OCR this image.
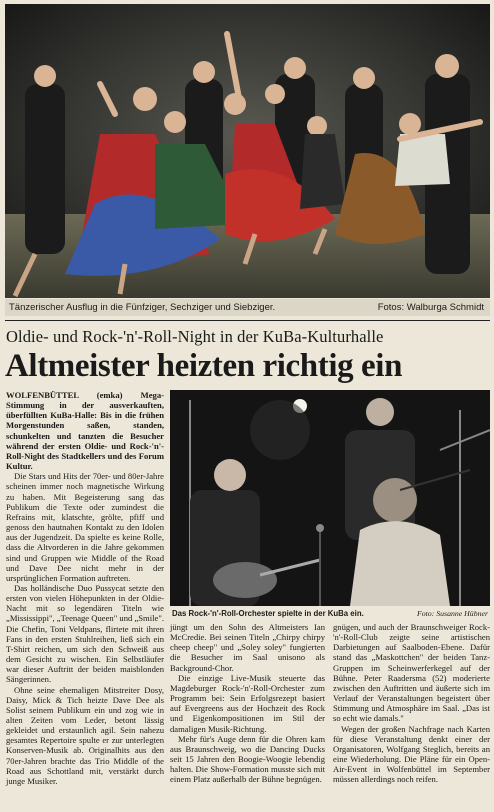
Tänzerischer Ausflug in die Fünfziger, Sechziger und Siebziger.	Fotos: Walburga Schmidt
Oldie- und Rock-'n'-Roll-Night in der KuBa-Kulturhalle
Altmeister heizten richtig ein

WOLFENBÜTTEL (emka) Mega-Stimmung in der ausverkauften, überfüllten KuBa-Halle: Bis in die frühen Morgenstunden saßen, standen, schunkelten und tanzten die Besucher während der ersten Oldie- und Rock-'n'-Roll-Night des Stadtkellers und des Forum Kultur.

Die Stars und Hits der 70er- und 80er-Jahre scheinen immer noch magnetische Wirkung zu haben. Mit Begeisterung sang das Publikum die Texte oder zumindest die Refrains mit, klatschte, grölte, pfiff und genoss den hautnahen Kontakt zu den Idolen aus der Jugendzeit. Da spielte es keine Rolle, dass die Altvorderen in die Jahre gekommen sind und Gruppen wie Middle of the Road und Dave Dee nicht mehr in der ursprünglichen Formation auftreten.

Das holländische Duo Pussycat setzte den ersten von vielen Höhepunkten in der Oldie-Nacht mit so legendären Titeln wie „Mississippi", „Teenage Queen" und „Smile". Die Chefin, Toni Veldpans, flirtete mit ihren Fans in den ersten Stuhlreihen, ließ sich ein T-Shirt reichen, um sich den Schweiß aus dem Gesicht zu wischen. Ein Selbstläufer war dieser Auftritt der beiden maisblonden Sängerinnen.

Ohne seine ehemaligen Mitstreiter Dosy, Daisy, Mick & Tich heizte Dave Dee als Solist seinem Publikum ein und zog wie in alten Zeiten vom Leder, betont lässig gekleidet und erstaunlich agil. Sein nahezu gesamtes Repertoire spulte er zur unterlegten Konserven-Musik ab. Originalhits aus den 70er-Jahren brachte das Trio Middle of the Road aus Schottland mit, verstärkt durch junge Musiker.

Das Rock-'n'-Roll-Orchester spielte in der KuBa ein.	Foto: Susanne Hübner

jüngt um den Sohn des Altmeisters Ian McCredie. Bei seinen Titeln „Chirpy chirpy cheep cheep" und „Soley soley" fungierten die Besucher im Saal unisono als Background-Chor.

Die einzige Live-Musik steuerte das Magdeburger Rock-'n'-Roll-Orchester zum Programm bei: Sein Erfolgsrezept basiert auf Evergreens aus der Hochzeit des Rock und Eigenkompositionen im Stil der damaligen Musik-Richtung.

Mehr für's Auge denn für die Ohren kam aus Braunschweig, wo die Dancing Ducks seit 15 Jahren den Boogie-Woogie lebendig halten. Die Show-Formation musste sich mit einem Platz außerhalb der Bühne begnügen.

gnügen, und auch der Braunschweiger Rock-'n'-Roll-Club zeigte seine artistischen Darbietungen auf Saalboden-Ebene. Dafür stand das „Maskottchen" der beiden Tanz-Gruppen im Scheinwerferkegel auf der Bühne. Peter Raadersma (52) moderierte zwischen den Auftritten und äußerte sich im Verlauf der Veranstaltungen begeistert über Stimmung und Atmosphäre im Saal. „Das ist so echt wie damals."

Wegen der großen Nachfrage nach Karten für diese Veranstaltung denkt einer der Organisatoren, Wolfgang Steglich, bereits an eine Wiederholung. Die Pläne für ein Open-Air-Event in Wolfenbüttel im September müssen allerdings noch reifen.
